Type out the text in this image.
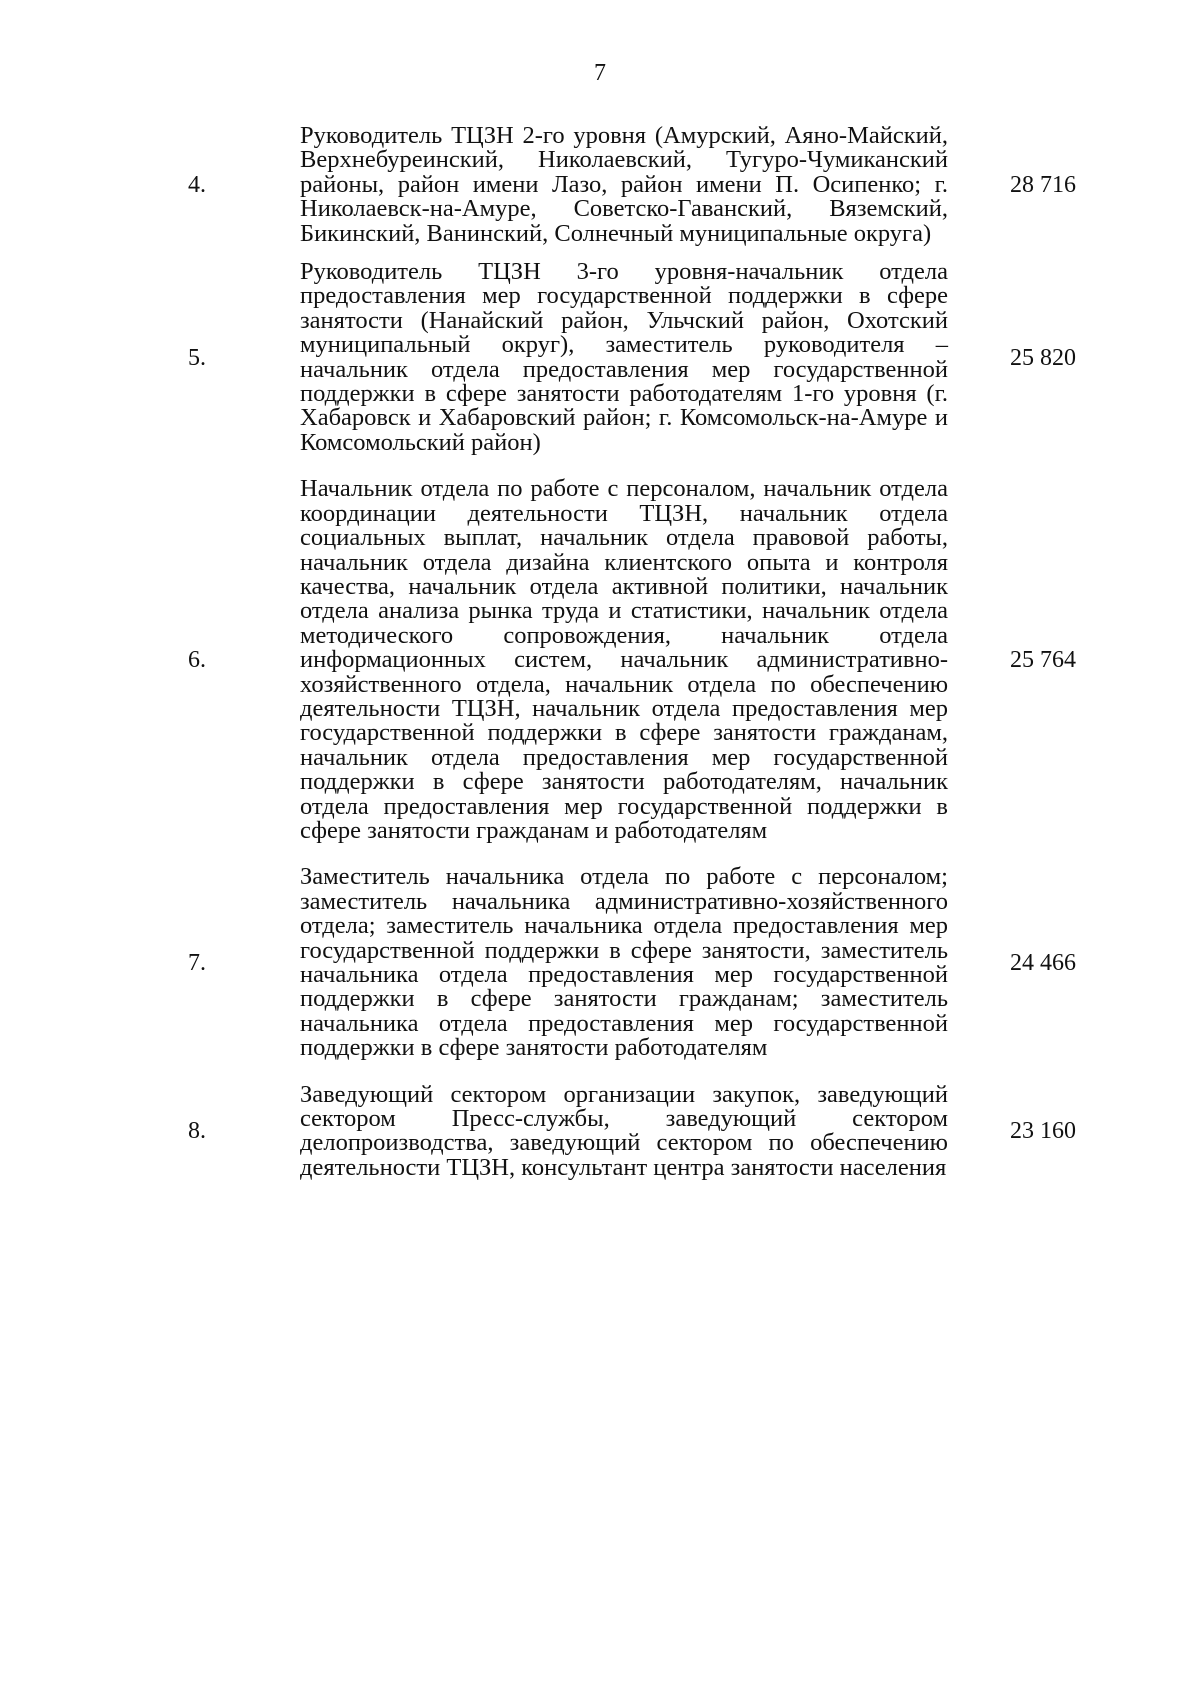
7
4.
Руководитель ТЦЗН 2-го уровня (Амурский, Аяно-Майский, Верхнебуреинский, Николаевский, Тугуро-Чумиканский районы, район имени Лазо, район имени П. Осипенко; г. Николаевск-на-Амуре, Советско-Гаванский, Вяземский, Бикинский, Ванинский, Солнечный муниципальные округа)
28 716
5.
Руководитель ТЦЗН 3-го уровня-начальник отдела предоставления мер государственной поддержки в сфере занятости (Нанайский район, Ульчский район, Охотский муниципальный округ), заместитель руководителя – начальник отдела предоставления мер государственной поддержки в сфере занятости работодателям 1-го уровня (г. Хабаровск и Хабаровский район; г. Комсомольск-на-Амуре и Комсомольский район)
25 820
6.
Начальник отдела по работе с персоналом, начальник отдела координации деятельности ТЦЗН, начальник отдела социальных выплат, начальник отдела правовой работы, начальник отдела дизайна клиентского опыта и контроля качества, начальник отдела активной политики, начальник отдела анализа рынка труда и статистики, начальник отдела методического сопровождения, начальник отдела информационных систем, начальник административно-хозяйственного отдела, начальник отдела по обеспечению деятельности ТЦЗН, начальник отдела предоставления мер государственной поддержки в сфере занятости гражданам, начальник отдела предоставления мер государственной поддержки в сфере занятости работодателям, начальник отдела предоставления мер государственной поддержки в сфере занятости гражданам и работодателям
25 764
7.
Заместитель начальника отдела по работе с персоналом; заместитель начальника административно-хозяйственного отдела; заместитель начальника отдела предоставления мер государственной поддержки в сфере занятости, заместитель начальника отдела предоставления мер государственной поддержки в сфере занятости гражданам; заместитель начальника отдела предоставления мер государственной поддержки в сфере занятости работодателям
24 466
8.
Заведующий сектором организации закупок, заведующий сектором Пресс-службы, заведующий сектором делопроизводства, заведующий сектором по обеспечению деятельности ТЦЗН, консультант центра занятости населения
23 160
